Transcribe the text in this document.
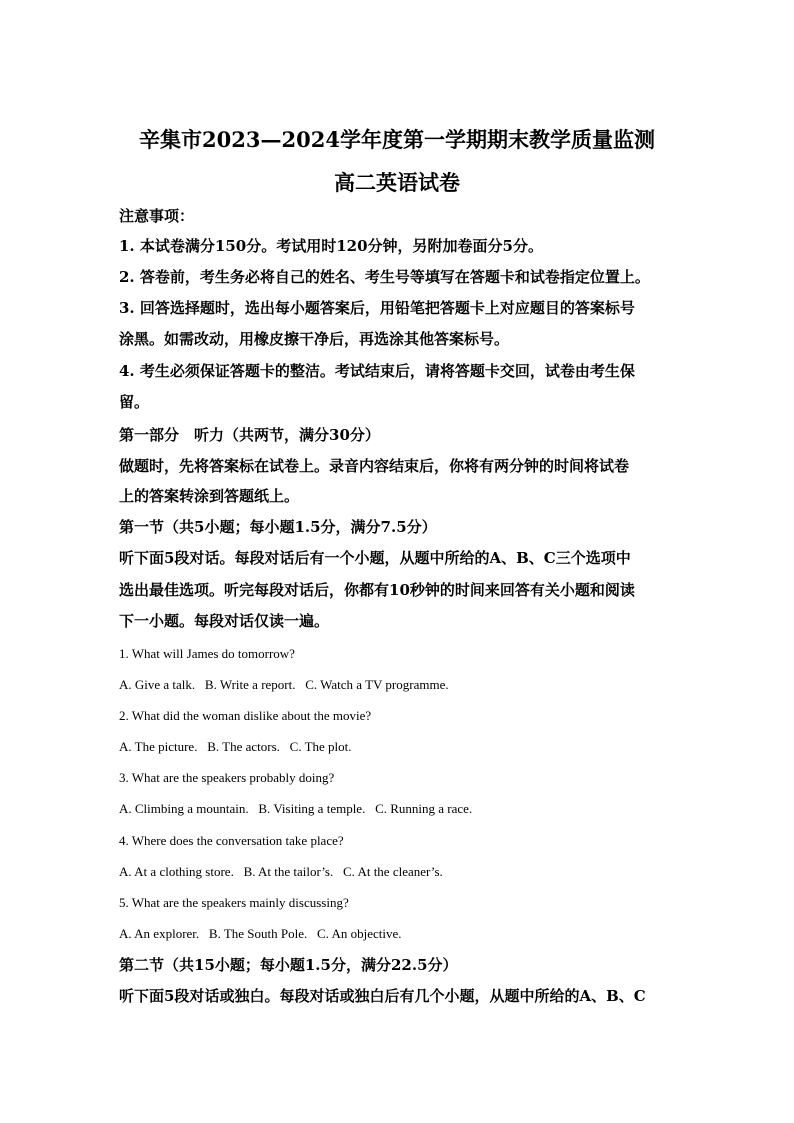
辛集市2023—2024学年度第一学期期末教学质量监测
高二英语试卷
注意事项：
1. 本试卷满分150分。考试用时120分钟，另附加卷面分5分。
2. 答卷前，考生务必将自己的姓名、考生号等填写在答题卡和试卷指定位置上。
3. 回答选择题时，选出每小题答案后，用铅笔把答题卡上对应题目的答案标号
涂黑。如需改动，用橡皮擦干净后，再选涂其他答案标号。
4. 考生必须保证答题卡的整洁。考试结束后，请将答题卡交回，试卷由考生保
留。
第一部分　听力（共两节，满分30分）
做题时，先将答案标在试卷上。录音内容结束后，你将有两分钟的时间将试卷
上的答案转涂到答题纸上。
第一节（共5小题；每小题1.5分，满分7.5分）
听下面5段对话。每段对话后有一个小题，从题中所给的A、B、C三个选项中
选出最佳选项。听完每段对话后，你都有10秒钟的时间来回答有关小题和阅读
下一小题。每段对话仅读一遍。
1. What will James do tomorrow?
A. Give a talk.   B. Write a report.   C. Watch a TV programme.
2. What did the woman dislike about the movie?
A. The picture.   B. The actors.   C. The plot.
3. What are the speakers probably doing?
A. Climbing a mountain.   B. Visiting a temple.   C. Running a race.
4. Where does the conversation take place?
A. At a clothing store.   B. At the tailor’s.   C. At the cleaner’s.
5. What are the speakers mainly discussing?
A. An explorer.   B. The South Pole.   C. An objective.
第二节（共15小题；每小题1.5分，满分22.5分）
听下面5段对话或独白。每段对话或独白后有几个小题，从题中所给的A、B、C
